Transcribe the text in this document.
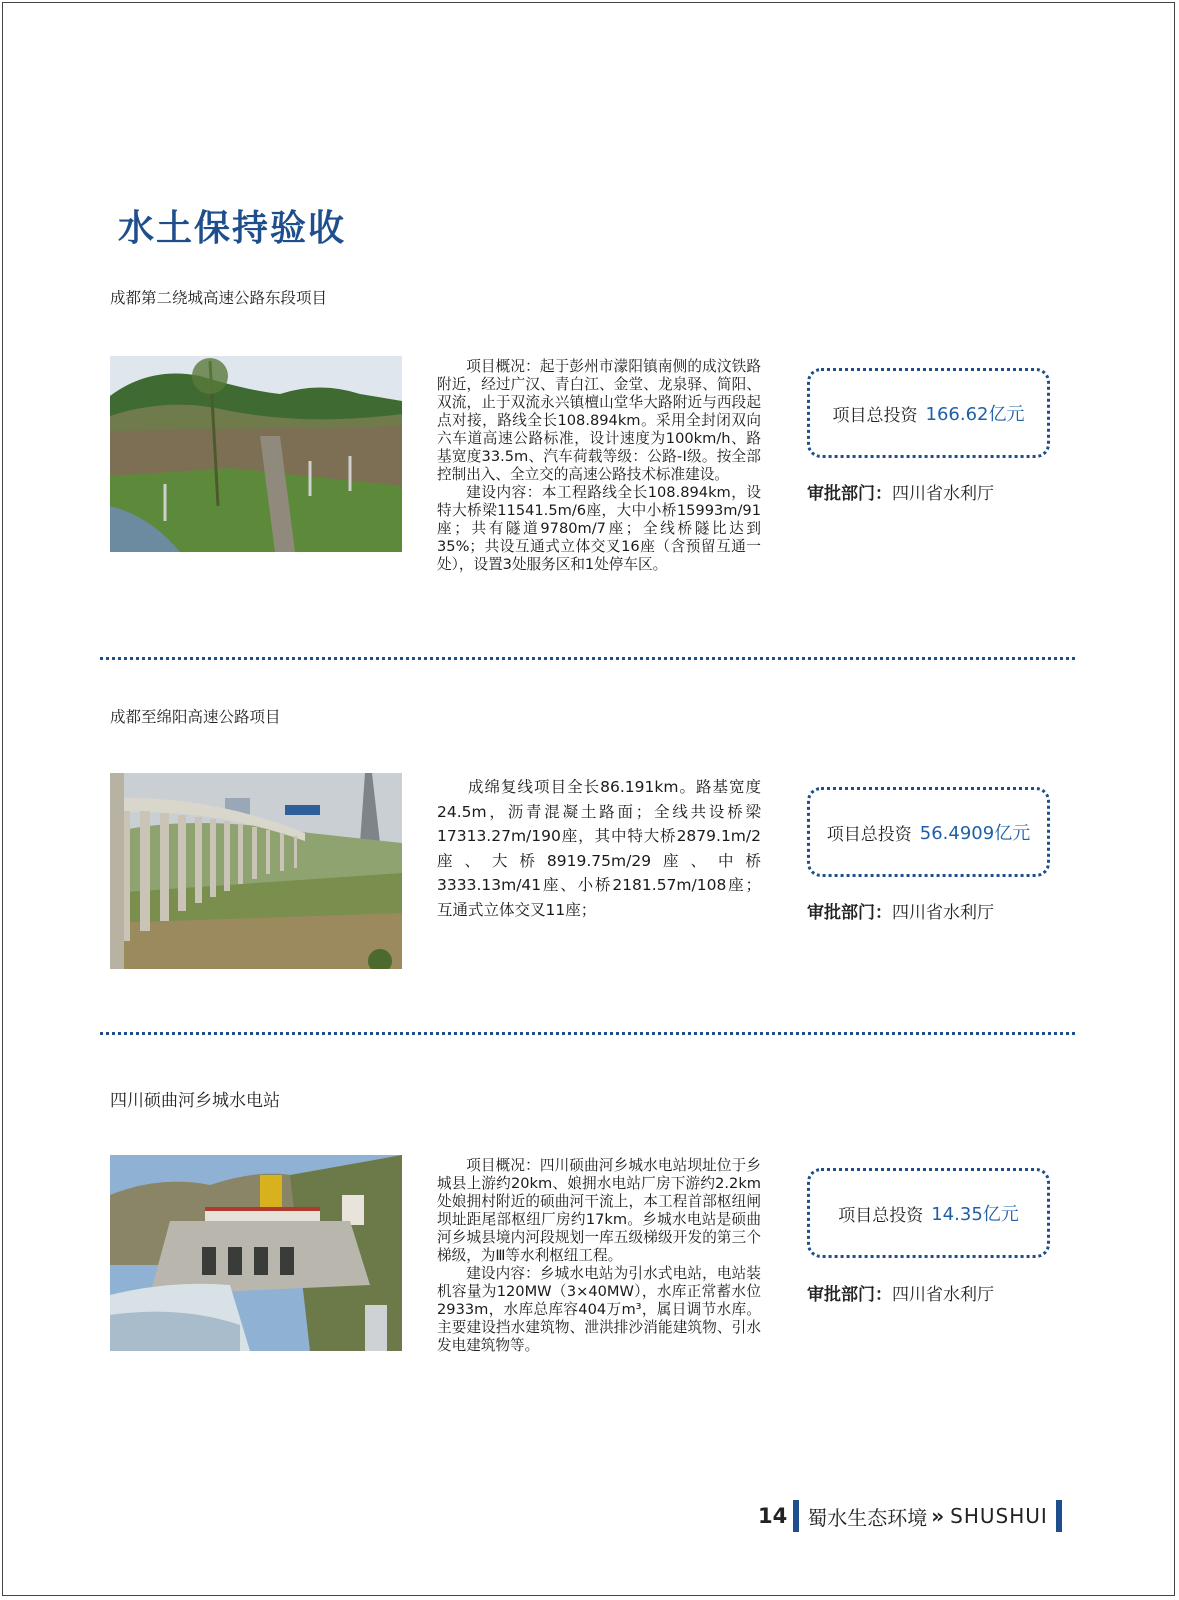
水土保持验收
成都第二绕城高速公路东段项目

项目概况：起于彭州市濛阳镇南侧的成汶铁路附近，经过广汉、青白江、金堂、龙泉驿、简阳、双流，止于双流永兴镇檀山堂华大路附近与西段起点对接，路线全长108.894km。采用全封闭双向六车道高速公路标准，设计速度为100km/h、路基宽度33.5m、汽车荷载等级：公路-Ⅰ级。按全部控制出入、全立交的高速公路技术标准建设。

建设内容：本工程路线全长108.894km，设特大桥梁11541.5m/6座，大中小桥15993m/91座；共有隧道9780m/7座；全线桥隧比达到35%；共设互通式立体交叉16座（含预留互通一处），设置3处服务区和1处停车区。

项目总投资 166.62亿元
审批部门：四川省水利厅
成都至绵阳高速公路项目

成绵复线项目全长86.191km。路基宽度24.5m，沥青混凝土路面；全线共设桥梁17313.27m/190座，其中特大桥2879.1m/2座、大桥8919.75m/29座、中桥3333.13m/41座、小桥2181.57m/108座；互通式立体交叉11座；

项目总投资 56.4909亿元
审批部门：四川省水利厅
四川硕曲河乡城水电站

项目概况：四川硕曲河乡城水电站坝址位于乡城县上游约20km、娘拥水电站厂房下游约2.2km处娘拥村附近的硕曲河干流上，本工程首部枢纽闸坝址距尾部枢纽厂房约17km。乡城水电站是硕曲河乡城县境内河段规划一库五级梯级开发的第三个梯级，为Ⅲ等水利枢纽工程。

建设内容：乡城水电站为引水式电站，电站装机容量为120MW（3×40MW），水库正常蓄水位2933m，水库总库容404万m³，属日调节水库。主要建设挡水建筑物、泄洪排沙消能建筑物、引水发电建筑物等。

项目总投资 14.35亿元
审批部门：四川省水利厅
14 蜀水生态环境 » SHUSHUI
